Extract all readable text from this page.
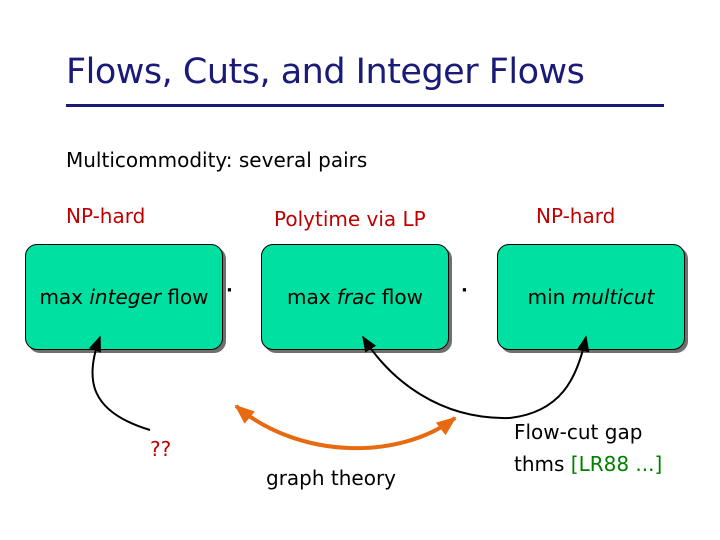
Flows, Cuts, and Integer Flows
Multicommodity: several pairs
NP-hard	Polytime via LP	NP-hard
max integer flow	max frac flow	min multicut
·	·
??
graph theory
Flow-cut gap
thms [LR88 ...]
